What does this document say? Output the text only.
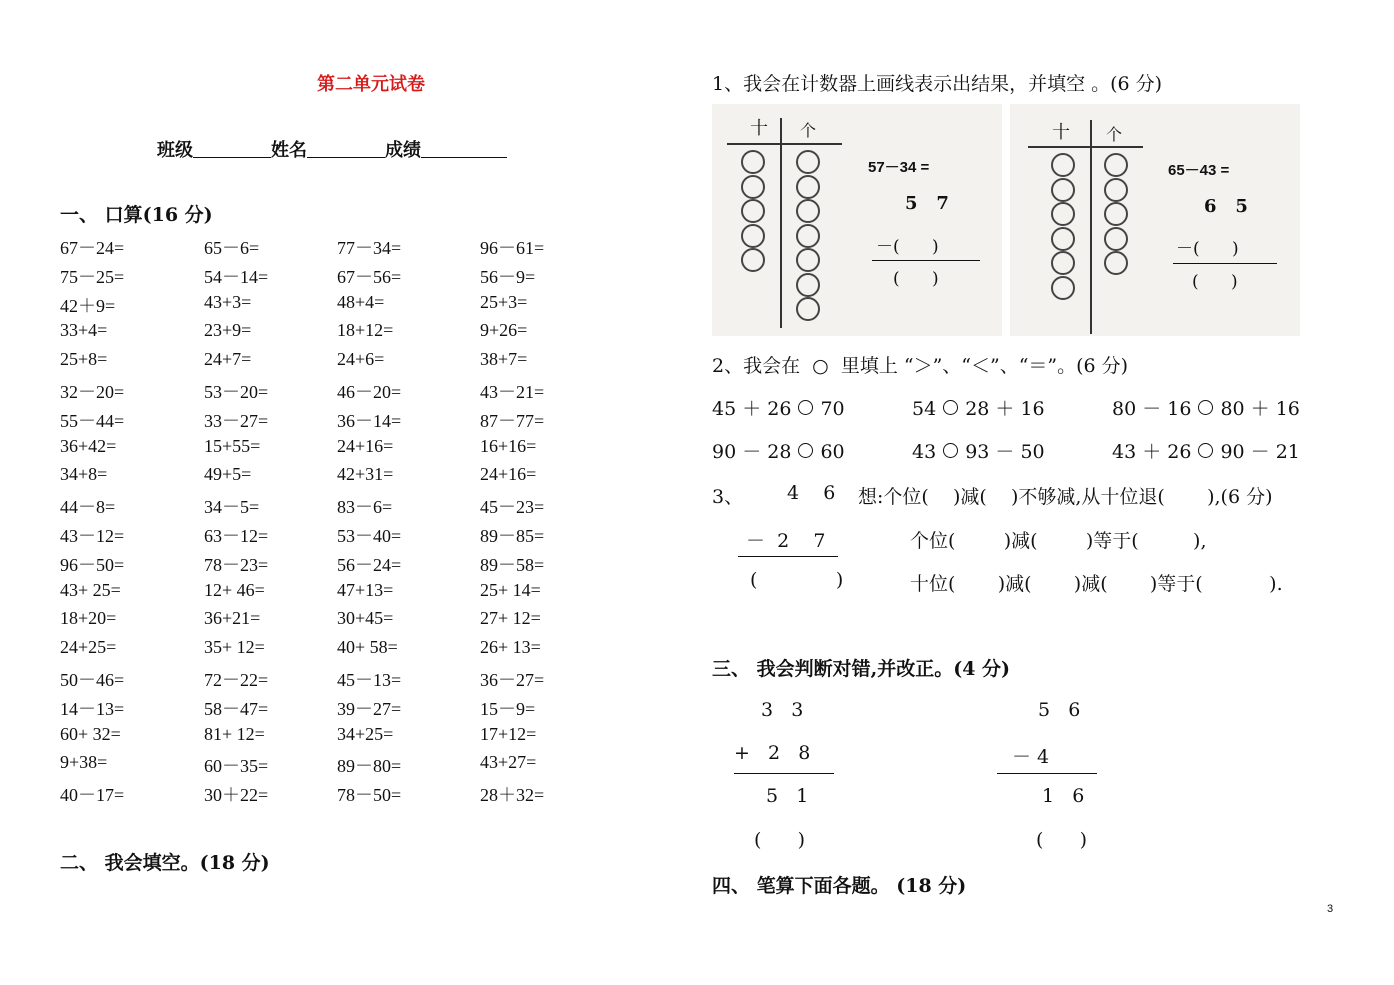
第二单元试卷
班级	姓名	成绩
一、 口算(16 分)
67－24=	65－6=	77－34=	96－61=
75－25=	54－14=	67－56=	56－9=
42＋9=	43+3=	48+4=	25+3=
33+4=	23+9=	18+12=	9+26=
25+8=	24+7=	24+6=	38+7=
32－20=	53－20=	46－20=	43－21=
55－44=	33－27=	36－14=	87－77=
36+42=	15+55=	24+16=	16+16=
34+8=	49+5=	42+31=	24+16=
44－8=	34－5=	83－6=	45－23=
43－12=	63－12=	53－40=	89－85=
96－50=	78－23=	56－24=	89－58=
43+ 25=	12+ 46=	47+13=	25+ 14=
18+20=	36+21=	30+45=	27+ 12=
24+25=	35+ 12=	40+ 58=	26+ 13=
50－46=	72－22=	45－13=	36－27=
14－13=	58－47=	39－27=	15－9=
60+ 32=	81+ 12=	34+25=	17+12=
9+38=	60－35=	89－80=	43+27=
40－17=	30＋22=	78－50=	28＋32=
二、 我会填空。(18 分)
1、我会在计数器上画线表示出结果，并填空 。(6 分)
十 个
57－34 =
5   7
－(      )
(      )
十 个
65－43 =
6   5
－(      )
(      )
2、我会在  ○  里填上 “＞”、“＜”、“＝”。(6 分)
45 ＋ 26 70	54 28 ＋ 16	80 － 16 80 ＋ 16
90 － 28 60	43 93 － 50	43 ＋ 26 90 － 21
3、 4    6
－  2    7
(             )
想:个位(    )减(    )不够减,从十位退(       ),(6 分)
个位(        )减(        )等于(         ),
十位(       )减(       )减(       )等于(           ).
三、 我会判断对错,并改正。(4 分)
3   3
+   2   8
5   1
(      )
5   6
－ 4
1   6
(      )
四、 笔算下面各题。 (18 分)
3
